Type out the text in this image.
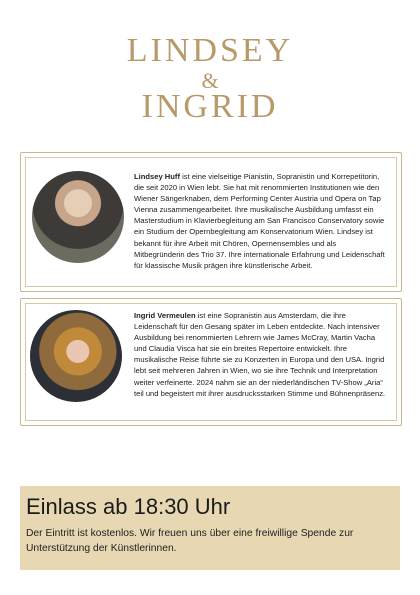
LINDSEY
&
INGRID
Lindsey Huff ist eine vielseitige Pianistin, Sopranistin und Korrepetitorin, die seit 2020 in Wien lebt. Sie hat mit renommierten Institutionen wie den Wiener Sängerknaben, dem Performing Center Austria und Opera on Tap Vienna zusammengearbeitet. Ihre musikalische Ausbildung umfasst ein Masterstudium in Klavierbegleitung am San Francisco Conservatory sowie ein Studium der Opernbegleitung am Konservatorium Wien. Lindsey ist bekannt für ihre Arbeit mit Chören, Opernensembles und als Mitbegründerin des Trio 37. Ihre internationale Erfahrung und Leidenschaft für klassische Musik prägen ihre künstlerische Arbeit.
Ingrid Vermeulen ist eine Sopranistin aus Amsterdam, die ihre Leidenschaft für den Gesang später im Leben entdeckte. Nach intensiver Ausbildung bei renommierten Lehrern wie James McCray, Martin Vacha und Claudia Visca hat sie ein breites Repertoire entwickelt. Ihre musikalische Reise führte sie zu Konzerten in Europa und den USA. Ingrid lebt seit mehreren Jahren in Wien, wo sie ihre Technik und Interpretation weiter verfeinerte. 2024 nahm sie an der niederländischen TV-Show „Aria“ teil und begeistert mit ihrer ausdrucksstarken Stimme und Bühnenpräsenz.
Einlass ab 18:30 Uhr
Der Eintritt ist kostenlos. Wir freuen uns über eine freiwillige Spende zur Unterstützung der Künstlerinnen.
